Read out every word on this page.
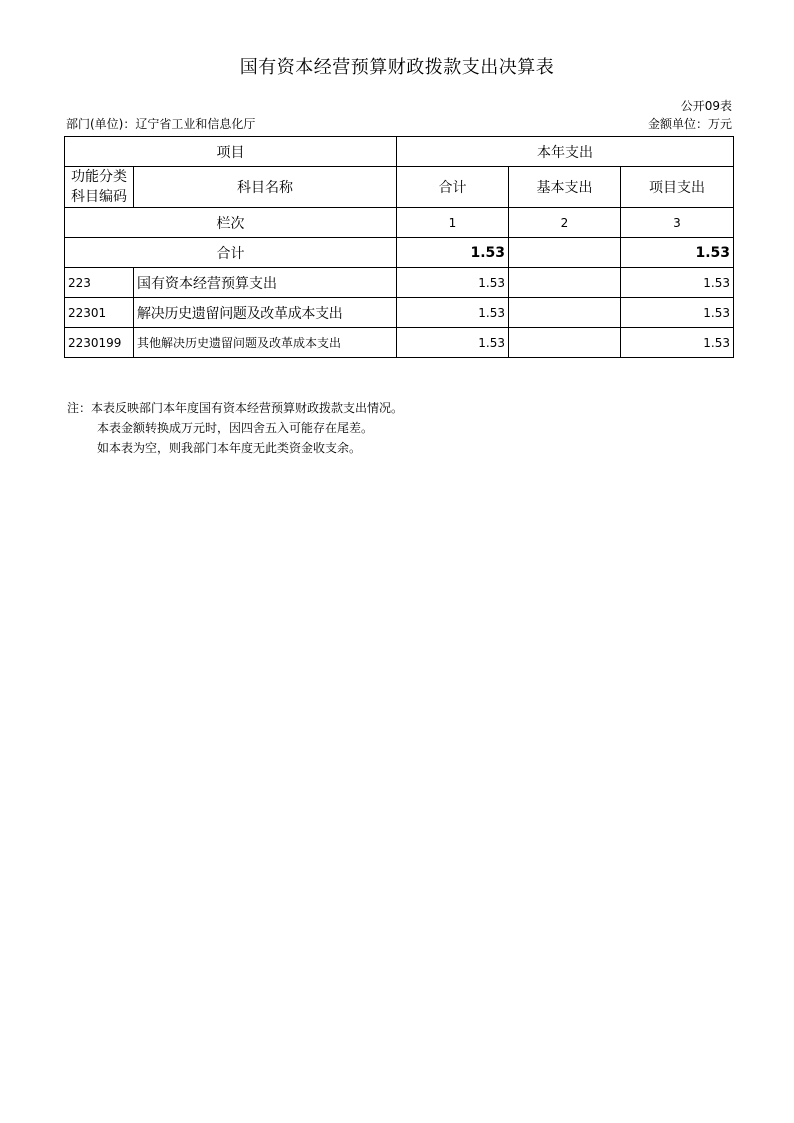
国有资本经营预算财政拨款支出决算表
公开09表
部门(单位)：辽宁省工业和信息化厅	金额单位：万元
项目		本年支出		
功能分类科目编码	科目名称	合计	基本支出	项目支出
栏次		1	2	3
合计		1.53		1.53
223	国有资本经营预算支出	1.53		1.53
22301	解决历史遗留问题及改革成本支出	1.53		1.53
2230199	其他解决历史遗留问题及改革成本支出	1.53		1.53
注：本表反映部门本年度国有资本经营预算财政拨款支出情况。
本表金额转换成万元时，因四舍五入可能存在尾差。
如本表为空，则我部门本年度无此类资金收支余。
